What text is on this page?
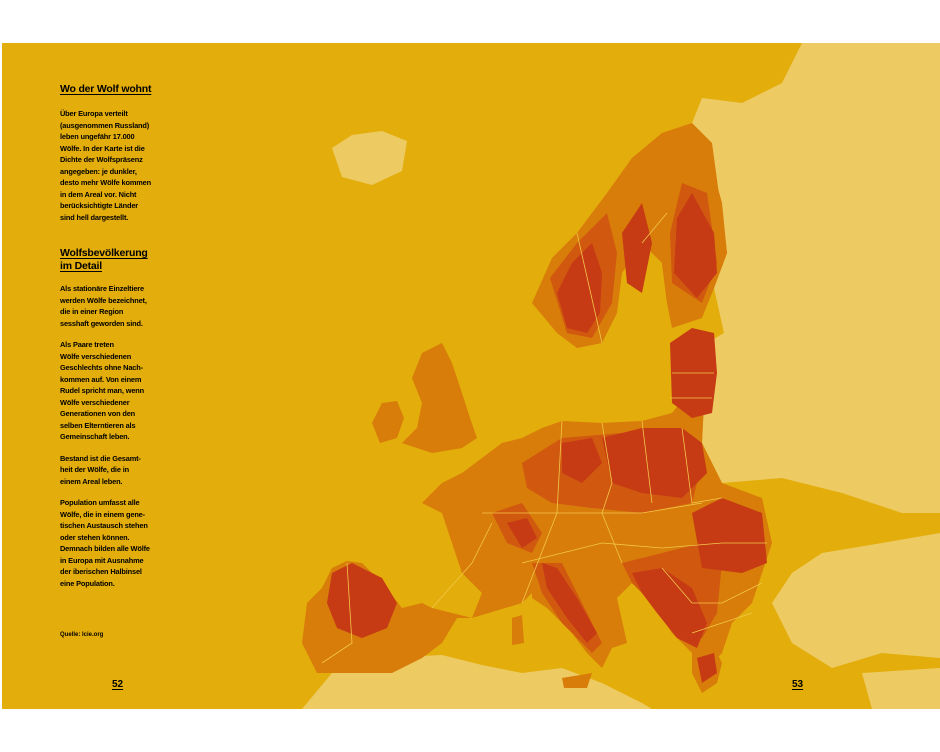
Wo der Wolf wohnt

Über Europa verteilt
(ausgenommen Russland)
leben ungefähr 17.000
Wölfe. In der Karte ist die
Dichte der Wolfspräsenz
angegeben: je dunkler,
desto mehr Wölfe kommen
in dem Areal vor. Nicht
berücksichtigte Länder
sind hell dargestellt.

Wolfsbevölkerung
im Detail

Als stationäre Einzeltiere
werden Wölfe bezeichnet,
die in einer Region
sesshaft geworden sind.

Als Paare treten
Wölfe verschiedenen
Geschlechts ohne Nach-
kommen auf. Von einem
Rudel spricht man, wenn
Wölfe verschiedener
Generationen von den
selben Elterntieren als
Gemeinschaft leben.

Bestand ist die Gesamt-
heit der Wölfe, die in
einem Areal leben.

Population umfasst alle
Wölfe, die in einem gene-
tischen Austausch stehen
oder stehen können.
Demnach bilden alle Wölfe
in Europa mit Ausnahme
der iberischen Halbinsel
eine Population.

Quelle: lcie.org
52	53
